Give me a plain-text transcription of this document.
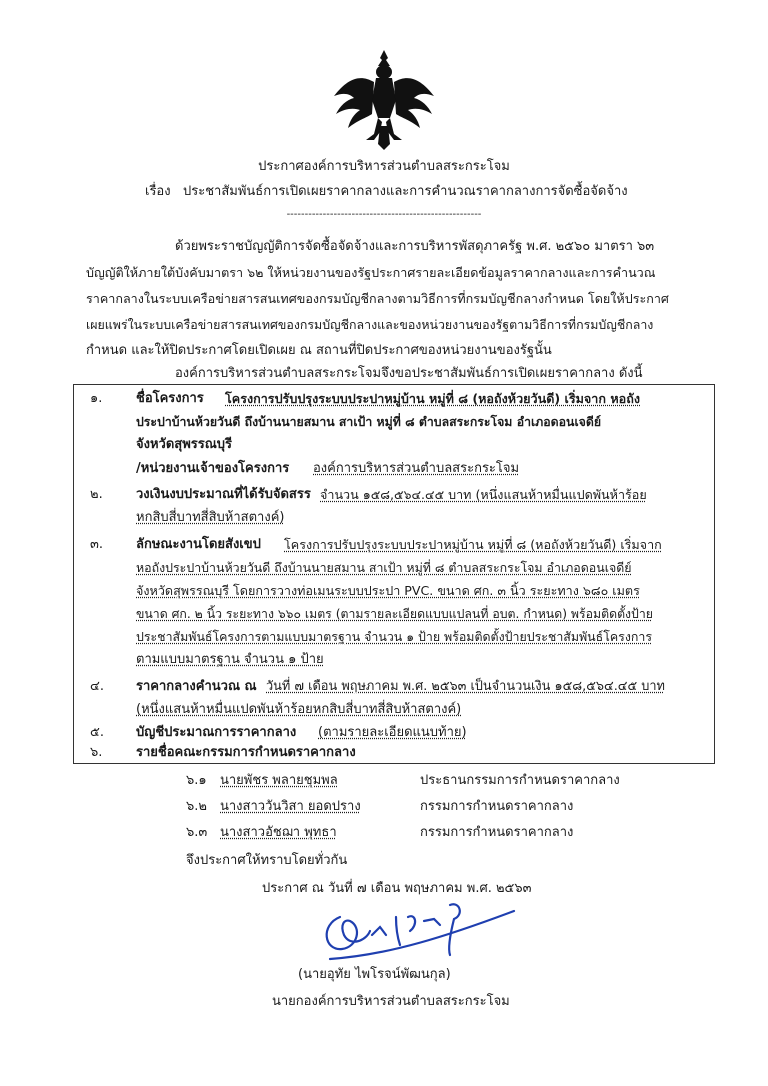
ประกาศองค์การบริหารส่วนตำบลสระกระโจม
เรื่อง ประชาสัมพันธ์การเปิดเผยราคากลางและการคำนวณราคากลางการจัดซื้อจัดจ้าง
------------------------------------------------------
ด้วยพระราชบัญญัติการจัดซื้อจัดจ้างและการบริหารพัสดุภาครัฐ พ.ศ. ๒๕๖๐ มาตรา ๖๓
บัญญัติให้ภายใต้บังคับมาตรา ๖๒ ให้หน่วยงานของรัฐประกาศรายละเอียดข้อมูลราคากลางและการคำนวณ
ราคากลางในระบบเครือข่ายสารสนเทศของกรมบัญชีกลางตามวิธีการที่กรมบัญชีกลางกำหนด โดยให้ประกาศ
เผยแพร่ในระบบเครือข่ายสารสนเทศของกรมบัญชีกลางและของหน่วยงานของรัฐตามวิธีการที่กรมบัญชีกลาง
กำหนด และให้ปิดประกาศโดยเปิดเผย ณ สถานที่ปิดประกาศของหน่วยงานของรัฐนั้น
องค์การบริหารส่วนตำบลสระกระโจมจึงขอประชาสัมพันธ์การเปิดเผยราคากลาง ดังนี้
๑.	ชื่อโครงการ โครงการปรับปรุงระบบประปาหมู่บ้าน หมู่ที่ ๘ (หอถังห้วยวันดี) เริ่มจาก หอถัง
ประปาบ้านห้วยวันดี ถึงบ้านนายสมาน สาเป้า หมู่ที่ ๘ ตำบลสระกระโจม อำเภอดอนเจดีย์
จังหวัดสุพรรณบุรี
/หน่วยงานเจ้าของโครงการ องค์การบริหารส่วนตำบลสระกระโจม
๒.	วงเงินงบประมาณที่ได้รับจัดสรร จำนวน ๑๕๘,๕๖๔.๔๕ บาท (หนึ่งแสนห้าหมื่นแปดพันห้าร้อย
หกสิบสี่บาทสี่สิบห้าสตางค์)
๓.	ลักษณะงานโดยสังเขป โครงการปรับปรุงระบบประปาหมู่บ้าน หมู่ที่ ๘ (หอถังห้วยวันดี) เริ่มจาก
หอถังประปาบ้านห้วยวันดี ถึงบ้านนายสมาน สาเป้า หมู่ที่ ๘ ตำบลสระกระโจม อำเภอดอนเจดีย์
จังหวัดสุพรรณบุรี โดยการวางท่อเมนระบบประปา PVC. ขนาด ศก. ๓ นิ้ว ระยะทาง ๖๘๐ เมตร
ขนาด ศก. ๒ นิ้ว ระยะทาง ๖๖๐ เมตร (ตามรายละเอียดแบบแปลนที่ อบต. กำหนด) พร้อมติดตั้งป้าย
ประชาสัมพันธ์โครงการตามแบบมาตรฐาน จำนวน ๑ ป้าย พร้อมติดตั้งป้ายประชาสัมพันธ์โครงการ
ตามแบบมาตรฐาน จำนวน ๑ ป้าย
๔. ราคากลางคำนวณ ณ วันที่ ๗ เดือน พฤษภาคม พ.ศ. ๒๕๖๓ เป็นจำนวนเงิน ๑๕๘,๕๖๔.๔๕ บาท
(หนึ่งแสนห้าหมื่นแปดพันห้าร้อยหกสิบสี่บาทสี่สิบห้าสตางค์)
๕. บัญชีประมาณการราคากลาง (ตามรายละเอียดแนบท้าย)
๖.	รายชื่อคณะกรรมการกำหนดราคากลาง
๖.๑ นายพัชร พลายชุมพล	ประธานกรรมการกำหนดราคากลาง
๖.๒ นางสาววันวิสา ยอดปราง	กรรมการกำหนดราคากลาง
๖.๓ นางสาวอัชฌา พุทธา	กรรมการกำหนดราคากลาง
จึงประกาศให้ทราบโดยทั่วกัน
ประกาศ ณ วันที่ ๗ เดือน พฤษภาคม พ.ศ. ๒๕๖๓
(นายอุทัย ไพโรจน์พัฒนกุล)
นายกองค์การบริหารส่วนตำบลสระกระโจม
